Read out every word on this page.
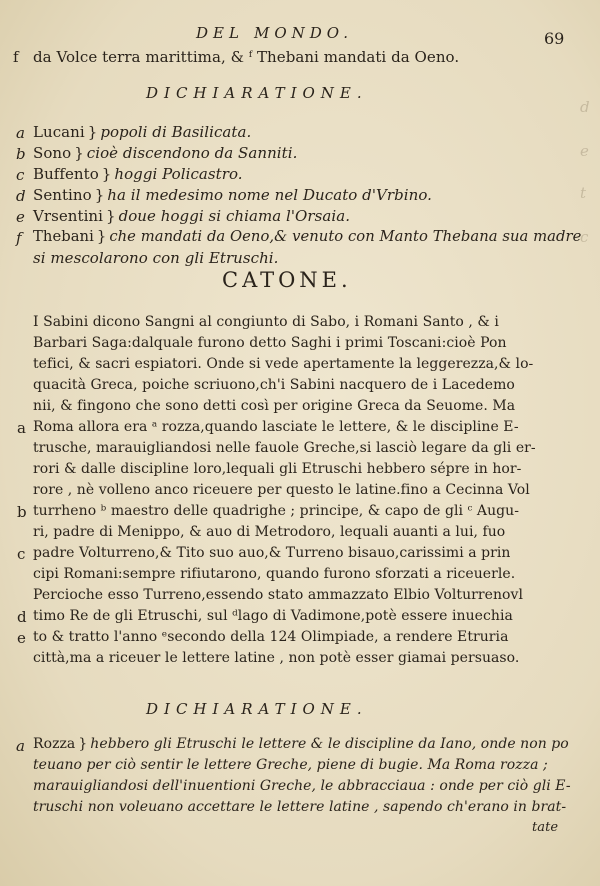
d
e
t
c
DEL MONDO.	69
f da Volce terra marittima, & ᶠ Thebani mandati da Oeno.
DICHIARATIONE.
a Lucani } popoli di Basilicata.
b Sono } cioè discendono da Sanniti.
c Buffento } hoggi Policastro.
d Sentino } ha il medesimo nome nel Ducato d'Vrbino.
e Vrsentini } doue hoggi si chiama l'Orsaia.
f Thebani } che mandati da Oeno,& venuto con Manto Thebana sua madre
si mescolarono con gli Etruschi.
CATONE.
I Sabini dicono Sangni al congiunto di Sabo, i Romani Santo , & i
Barbari Saga:dalquale furono detto Saghi i primi Toscani:cioè Pon
tefici, & sacri espiatori. Onde si vede apertamente la leggerezza,& lo-
quacità Greca, poiche scriuono,ch'i Sabini nacquero de i Lacedemo
nii, & fingono che sono detti così per origine Greca da Seuome. Ma
Roma allora era ᵃ rozza,quando lasciate le lettere, & le discipline E-
trusche, marauigliandosi nelle fauole Greche,si lasciò legare da gli er-
rori & dalle discipline loro,lequali gli Etruschi hebbero sépre in hor-
rore , nè volleno anco riceuere per questo le latine.fino a Cecinna Vol
turrheno ᵇ maestro delle quadrighe ; principe, & capo de gli ᶜ Augu-
ri, padre di Menippo, & auo di Metrodoro, lequali auanti a lui, fuo
padre Volturreno,& Tito suo auo,& Turreno bisauo,carissimi a prin
cipi Romani:sempre rifiutarono, quando furono sforzati a riceuerle.
Percioche esso Turreno,essendo stato ammazzato Elbio Volturrenovl
timo Re de gli Etruschi, sul ᵈlago di Vadimone,potè essere inuechia
to & tratto l'anno ᵉsecondo della 124 Olimpiade, a rendere Etruria
città,ma a riceuer le lettere latine , non potè esser giamai persuaso.
a
b
c
d
e
DICHIARATIONE.
a Rozza } hebbero gli Etruschi le lettere & le discipline da Iano, onde non po
teuano per ciò sentir le lettere Greche, piene di bugie. Ma Roma rozza ;
marauigliandosi dell'inuentioni Greche, le abbracciaua : onde per ciò gli E-
truschi non voleuano accettare le lettere latine , sapendo ch'erano in brat-
tate
